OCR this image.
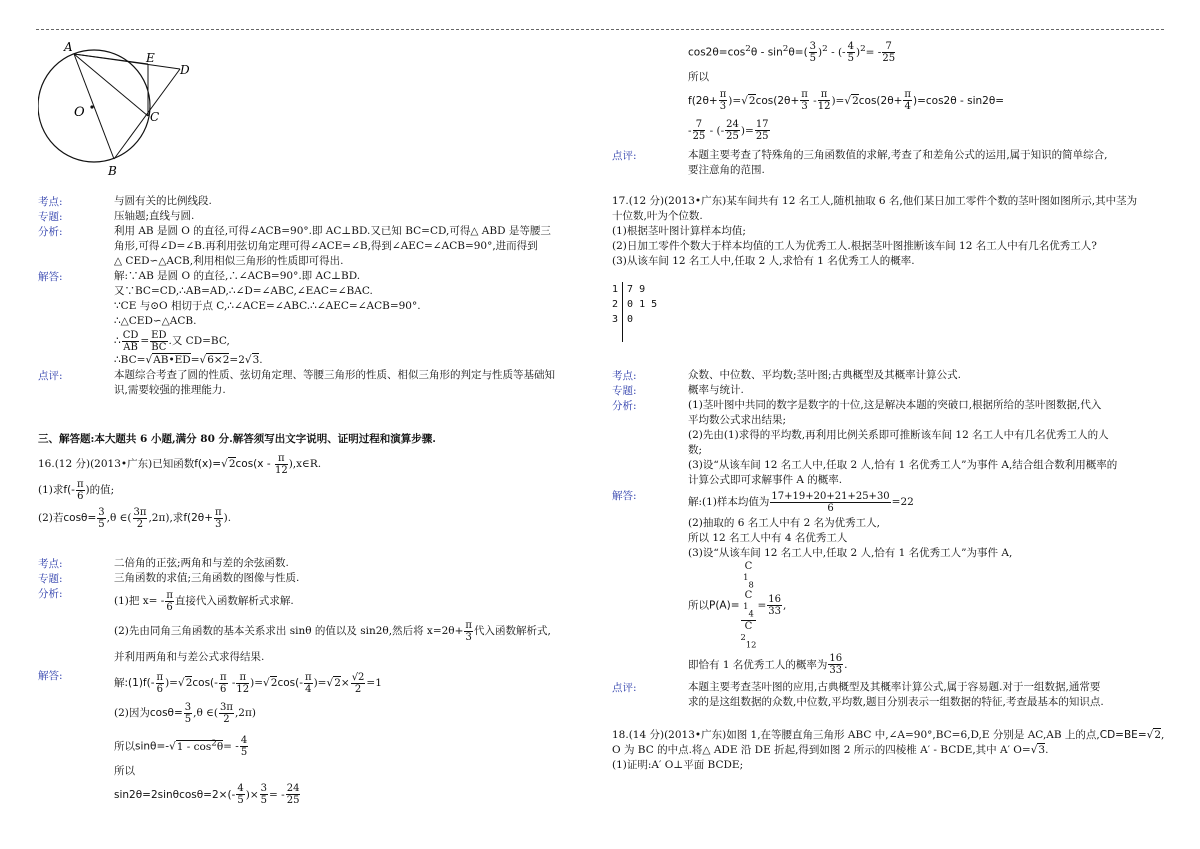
A
E
D
O	C
B
考点:	与圆有关的比例线段.

专题:	压轴题;直线与圆.

分析:	利用 AB 是圆 O 的直径,可得∠ACB=90°.即 AC⊥BD.又已知 BC=CD,可得△ ABD 是等腰三

角形,可得∠D=∠B.再利用弦切角定理可得∠ACE=∠B,得到∠AEC=∠ACB=90°,进而得到

△ CED∽△ACB,利用相似三角形的性质即可得出.

解答:	解:∵AB 是圆 O 的直径,∴∠ACB=90°.即 AC⊥BD.

又∵BC=CD,∴AB=AD,∴∠D=∠ABC,∠EAC=∠BAC.

∵CE 与⊙O 相切于点 C,∴∠ACE=∠ABC.∴∠AEC=∠ACB=90°.

∴△CED∽△ACB.

∴ $\frac{CD}{AB} = \frac{ED}{BC}$ .又 CD=BC,

∴BC=√AB•ED=√6×2=2√3.

点评:	本题综合考查了圆的性质、弦切角定理、等腰三角形的性质、相似三角形的判定与性质等基础知

识,需要较强的推理能力.

三、解答题:本大题共 6 小题,满分 80 分.解答须写出文字说明、证明过程和演算步骤.

16.(12 分)(2013•广东)已知函数$f(x)=√2\cos(x - \frac{\pi}{12}$ ),x∈R.

(1)求$f(- \frac{\pi}{6}$ )的值;

(2)若$\cos\theta= \frac{3}{5} ,\theta$ ∈( $\frac{3\pi}{2} ,2\pi$),求$f(2\theta+ \frac{\pi}{3}$ ).

考点:	二倍角的正弦;两角和与差的余弦函数.

专题:	三角函数的求值;三角函数的图像与性质.

分析:

(1)把 $x= - \frac{\pi}{6}$ 直接代入函数解析式求解.

(2)先由同角三角函数的基本关系求出 sinθ 的值以及 sin2θ,然后将 $x=2\theta+ \frac{\pi}{3}$ 代入函数解析式,

并利用两角和与差公式求得结果.

解答:

解:(1)f(- $\frac{\pi}{6} )=√2\cos(- \frac{\pi}{6} - \frac{\pi}{12} )=√2\cos(- \frac{\pi}{4} )=√2\times \frac{√2}{2} =1$

(2)因为$\cos\theta= \frac{3}{5} ,\theta$ ∈( $\frac{3\pi}{2} ,2\pi$)

所以$\sin\theta=-√1 - \cos^2\theta= - \frac{4}{5}$

所以

$\sin 2\theta=2\sin\theta\cos\theta=2\times(- \frac{4}{5}$ )× $\frac{3}{5}$ = - $\frac{24}{25}$

$\cos 2\theta=\cos^2\theta - \sin^2\theta=( \frac{3}{5} )^2$ - (- $\frac{4}{5} )^2= - \frac{7}{25}$

所以

$f(2\theta+ \frac{\pi}{3} )=√2\cos(2\theta+ \frac{\pi}{3} - \frac{\pi}{12} )=√2\cos(2\theta+ \frac{\pi}{4} )=\cos 2\theta - \sin 2\theta=$

- $\frac{7}{25}$ - (- $\frac{24}{25}$ )= $\frac{17}{25}$

点评:	本题主要考查了特殊角的三角函数值的求解,考查了和差角公式的运用,属于知识的简单综合,

要注意角的范围.

17.(12 分)(2013•广东)某车间共有 12 名工人,随机抽取 6 名,他们某日加工零件个数的茎叶图如图所示,其中茎为

十位数,叶为个位数.

(1)根据茎叶图计算样本均值;

(2)日加工零件个数大于样本均值的工人为优秀工人.根据茎叶图推断该车间 12 名工人中有几名优秀工人?

(3)从该车间 12 名工人中,任取 2 人,求恰有 1 名优秀工人的概率.

1	7 9
2	0 1 5
3	0

考点:	众数、中位数、平均数;茎叶图;古典概型及其概率计算公式.

专题:	概率与统计.

分析:	(1)茎叶图中共同的数字是数字的十位,这是解决本题的突破口,根据所给的茎叶图数据,代入

平均数公式求出结果;

(2)先由(1)求得的平均数,再利用比例关系即可推断该车间 12 名工人中有几名优秀工人的人

数;

(3)设“从该车间 12 名工人中,任取 2 人,恰有 1 名优秀工人”为事件 A,结合组合数利用概率的

计算公式即可求解事件 A 的概率.

解答:	解:(1)样本均值为 $\frac{17+19+20+21+25+30}{6} =22$

(2)抽取的 6 名工人中有 2 名为优秀工人,

所以 12 名工人中有 4 名优秀工人

(3)设“从该车间 12 名工人中,任取 2 人,恰有 1 名优秀工人”为事件 A,

所以P(A)= C
$^1_8$
C
$^1_4$
C
$^2_{12} = \frac{16}{33}$ ,

即恰有 1 名优秀工人的概率为 $\frac{16}{33}$ .

点评:	本题主要考查茎叶图的应用,古典概型及其概率计算公式,属于容易题.对于一组数据,通常要

求的是这组数据的众数,中位数,平均数,题目分别表示一组数据的特征,考查最基本的知识点.

18.(14 分)(2013•广东)如图 1,在等腰直角三角形 ABC 中,∠A=90°,BC=6,D,E 分别是 AC,AB 上的点,CD=BE=√2,

O 为 BC 的中点.将△ ADE 沿 DE 折起,得到如图 2 所示的四棱椎 A′ - BCDE,其中 A′ O=√3.

(1)证明:A′ O⊥平面 BCDE;
